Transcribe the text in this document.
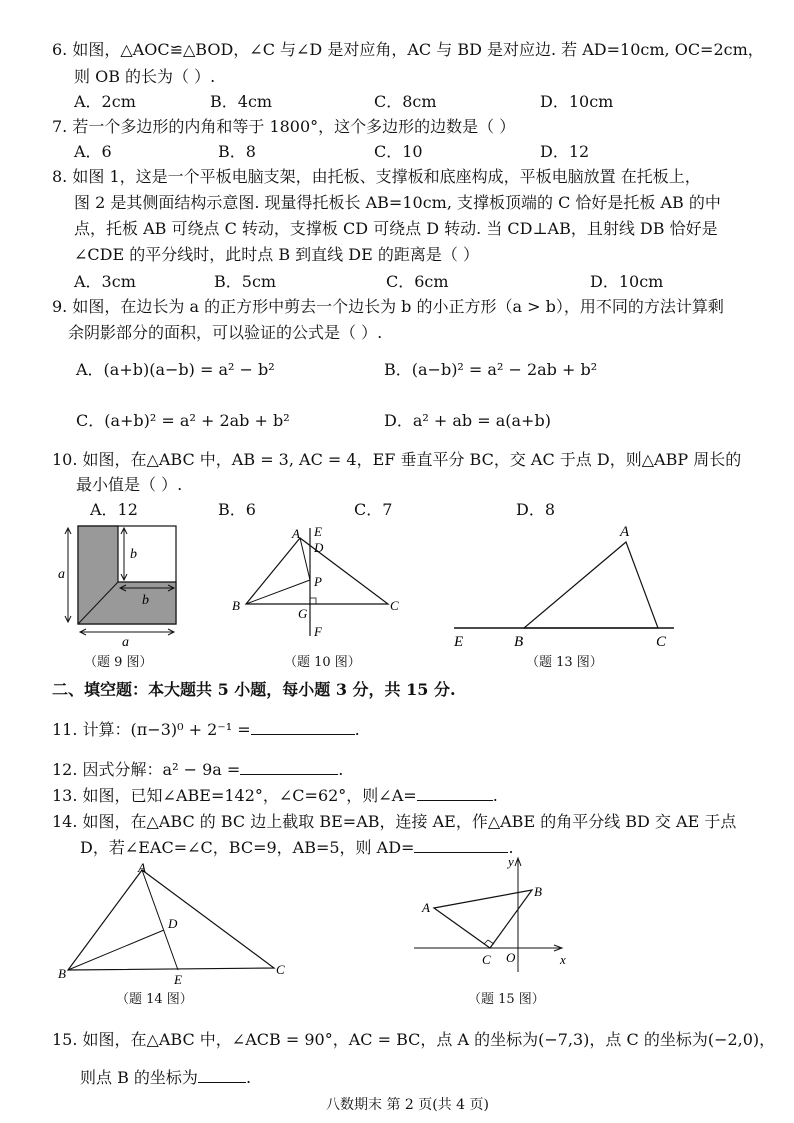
6. 如图，△AOC≌△BOD，∠C 与∠D 是对应角，AC 与 BD 是对应边. 若 AD=10cm, OC=2cm，
则 OB 的长为（ ）.
A．2cm	B．4cm	C．8cm	D．10cm
7. 若一个多边形的内角和等于 1800°，这个多边形的边数是（ ）
A．6	B．8	C．10	D．12
8. 如图 1，这是一个平板电脑支架，由托板、支撑板和底座构成，平板电脑放置 在托板上，
图 2 是其侧面结构示意图. 现量得托板长 AB=10cm, 支撑板顶端的 C 恰好是托板 AB 的中
点，托板 AB 可绕点 C 转动，支撑板 CD 可绕点 D 转动. 当 CD⊥AB，且射线 DB 恰好是
∠CDE 的平分线时，此时点 B 到直线 DE 的距离是（ ）
A．3cm	B．5cm	C．6cm	D．10cm
9. 如图，在边长为 a 的正方形中剪去一个边长为 b 的小正方形（a > b），用不同的方法计算剩
余阴影部分的面积，可以验证的公式是（ ）.
A．(a+b)(a−b) = a² − b²	B．(a−b)² = a² − 2ab + b²
C．(a+b)² = a² + 2ab + b²	D．a² + ab = a(a+b)
10. 如图，在△ABC 中，AB = 3, AC = 4，EF 垂直平分 BC，交 AC 于点 D，则△ABP 周长的
最小值是（ ）.
A．12	B．6	C．7	D．8
a
b
b
a
（题 9 图）
A
B	C
D
E
F
G
P
（题 10 图）
A
B	C
E
（题 13 图）
二、填空题：本大题共 5 小题，每小题 3 分，共 15 分.
11. 计算：(π−3)⁰ + 2⁻¹ =	.
12. 因式分解：a² − 9a =	.
13. 如图，已知∠ABE=142°，∠C=62°，则∠A=	.
14. 如图，在△ABC 的 BC 边上截取 BE=AB，连接 AE，作△ABE 的角平分线 BD 交 AE 于点
D，若∠EAC=∠C，BC=9，AB=5，则 AD=	.
A
B	C
D
E
（题 14 图）
A
B
C O	x
y
（题 15 图）
15. 如图，在△ABC 中，∠ACB = 90°，AC = BC，点 A 的坐标为(−7,3)，点 C 的坐标为(−2,0)，
则点 B 的坐标为	.
八数期末 第 2 页(共 4 页)
